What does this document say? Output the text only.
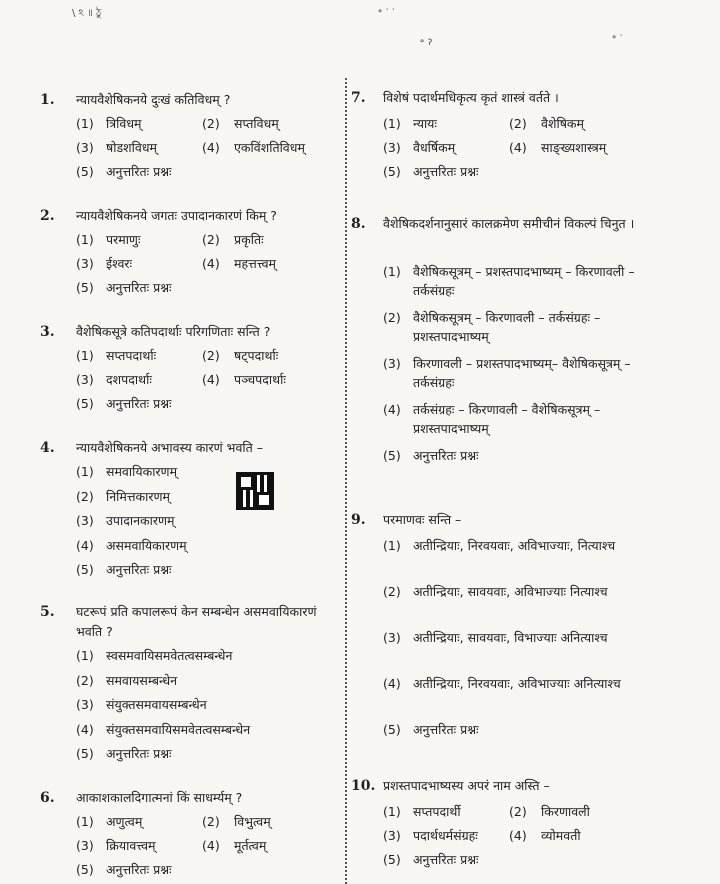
\ ঽ ॥ ঠু	॰ ॱ ॱ
॰ ॽ	॰ ॱ
1. न्यायवैशेषिकनये दुःखं कतिविधम् ?
(1) त्रिविधम्	(2)	सप्तविधम्
(3) षोडशविधम्	(4)	एकविंशतिविधम्
(5) अनुत्तरितः प्रश्नः
2. न्यायवैशेषिकनये जगतः उपादानकारणं किम् ?
(1) परमाणुः	(2)	प्रकृतिः
(3) ईश्वरः	(4)	महत्तत्त्वम्
(5) अनुत्तरितः प्रश्नः
3. वैशेषिकसूत्रे कतिपदार्थाः परिगणिताः सन्ति ?
(1) सप्तपदार्थाः	(2)	षट्पदार्थाः
(3) दशपदार्थाः	(4)	पञ्चपदार्थाः
(5) अनुत्तरितः प्रश्नः
4. न्यायवैशेषिकनये अभावस्य कारणं भवति –
(1) समवायिकारणम्
(2) निमित्तकारणम्
(3) उपादानकारणम्
(4) असमवायिकारणम्
(5) अनुत्तरितः प्रश्नः
5. घटरूपं प्रति कपालरूपं केन सम्बन्धेन असमवायिकारणं भवति ?
(1) स्वसमवायिसमवेतत्वसम्बन्धेन
(2) समवायसम्बन्धेन
(3) संयुक्तसमवायसम्बन्धेन
(4) संयुक्तसमवायिसमवेतत्वसम्बन्धेन
(5) अनुत्तरितः प्रश्नः
6. आकाशकालदिगात्मनां किं साधर्म्यम् ?
(1) अणुत्वम्	(2)	विभुत्वम्
(3) क्रियावत्त्वम्	(4)	मूर्तत्वम्
(5) अनुत्तरितः प्रश्नः
7. विशेषं पदार्थमधिकृत्य कृतं शास्त्रं वर्तते ।
(1) न्यायः	(2)	वैशेषिकम्
(3) वैधर्षिकम्	(4)	साङ्ख्यशास्त्रम्
(5) अनुत्तरितः प्रश्नः
8. वैशेषिकदर्शनानुसारं कालक्रमेण समीचीनं विकल्पं चिनुत ।
(1) वैशेषिकसूत्रम् – प्रशस्तपादभाष्यम् – किरणावली – तर्कसंग्रहः
(2) वैशेषिकसूत्रम् – किरणावली – तर्कसंग्रहः – प्रशस्तपादभाष्यम्
(3) किरणावली – प्रशस्तपादभाष्यम्– वैशेषिकसूत्रम् – तर्कसंग्रहः
(4) तर्कसंग्रहः – किरणावली – वैशेषिकसूत्रम् – प्रशस्तपादभाष्यम्
(5) अनुत्तरितः प्रश्नः
9. परमाणवः सन्ति –
(1) अतीन्द्रियाः, निरवयवाः, अविभाज्याः, नित्याश्च
(2) अतीन्द्रियाः, सावयवाः, अविभाज्याः नित्याश्च
(3) अतीन्द्रियाः, सावयवाः, विभाज्याः अनित्याश्च
(4) अतीन्द्रियाः, निरवयवाः, अविभाज्याः अनित्याश्च
(5) अनुत्तरितः प्रश्नः
10. प्रशस्तपादभाष्यस्य अपरं नाम अस्ति –
(1) सप्तपदार्थी	(2)	किरणावली
(3) पदार्थधर्मसंग्रहः (4)	व्योमवती
(5) अनुत्तरितः प्रश्नः
